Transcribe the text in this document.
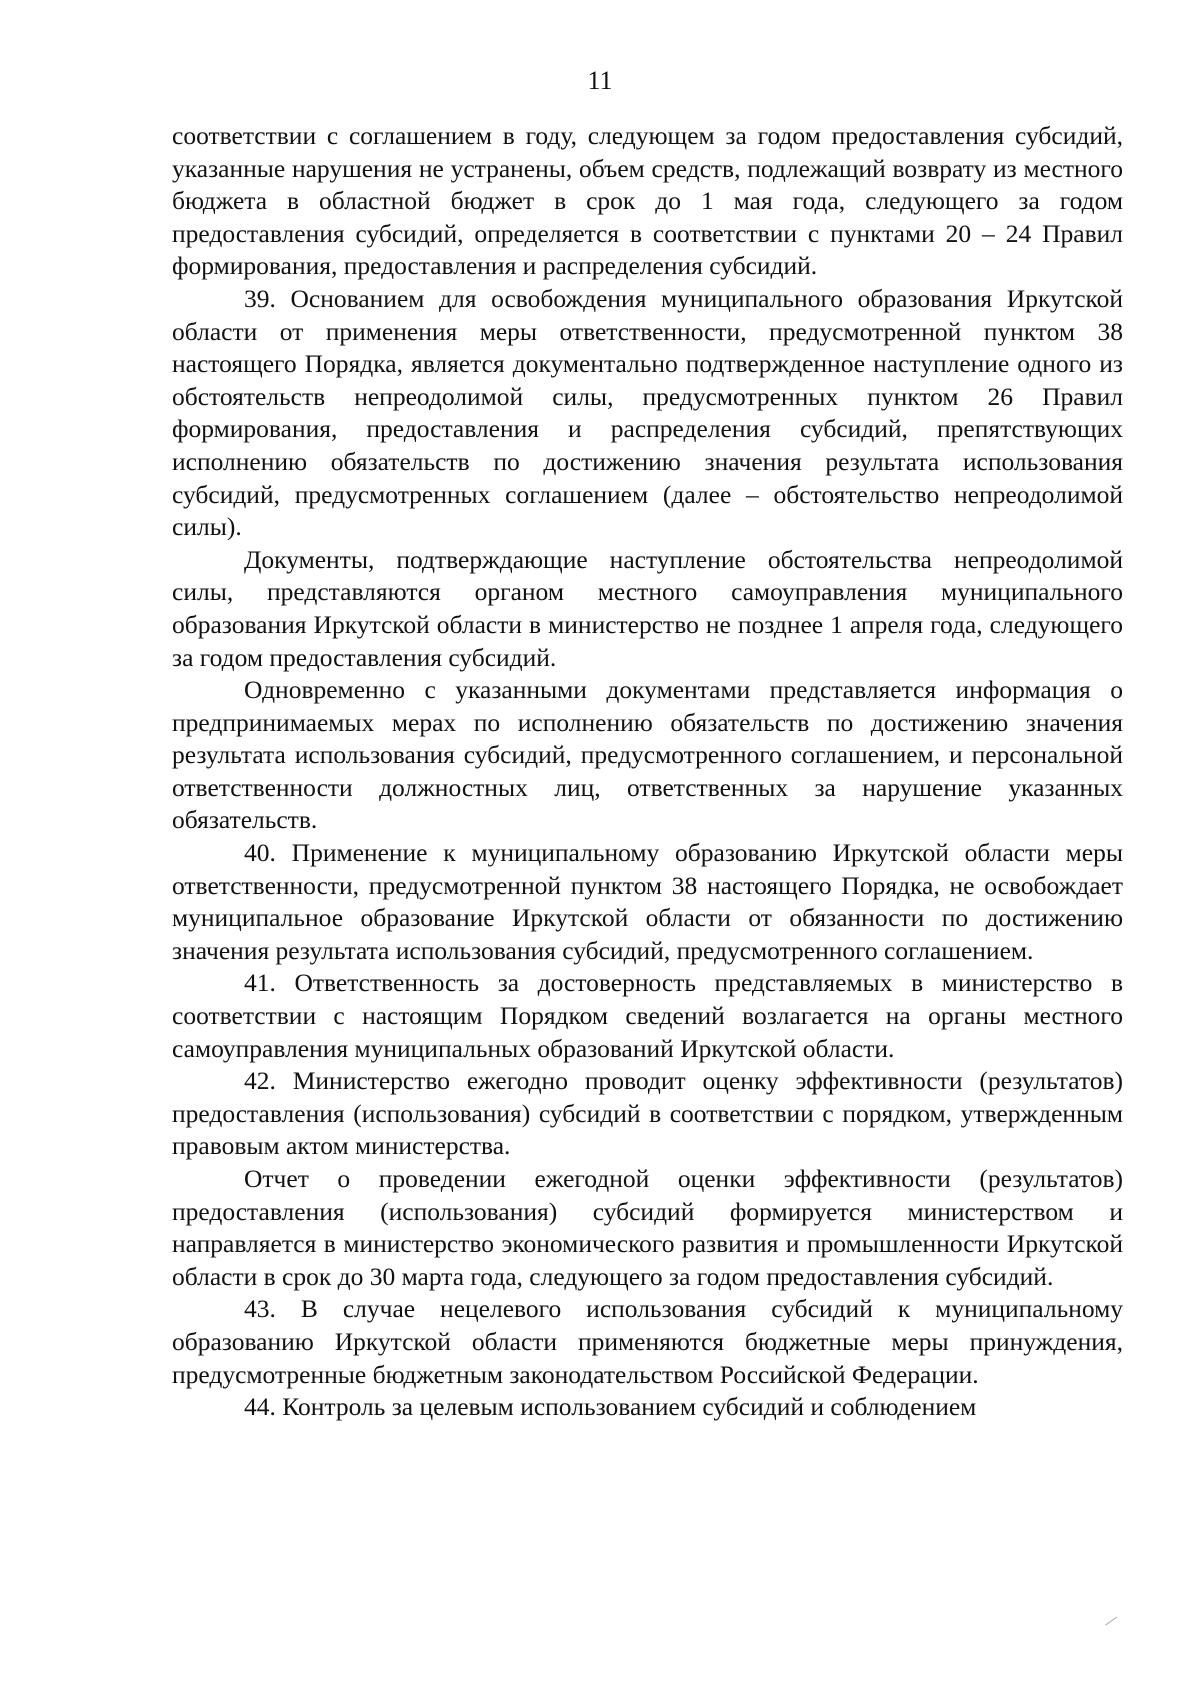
11

соответствии с соглашением в году, следующем за годом предоставления субсидий, указанные нарушения не устранены, объем средств, подлежащий возврату из местного бюджета в областной бюджет в срок до 1 мая года, следующего за годом предоставления субсидий, определяется в соответствии с пунктами 20 – 24 Правил формирования, предоставления и распределения субсидий.

39. Основанием для освобождения муниципального образования Иркутской области от применения меры ответственности, предусмотренной пунктом 38 настоящего Порядка, является документально подтвержденное наступление одного из обстоятельств непреодолимой силы, предусмотренных пунктом 26 Правил формирования, предоставления и распределения субсидий, препятствующих исполнению обязательств по достижению значения результата использования субсидий, предусмотренных соглашением (далее – обстоятельство непреодолимой силы).

Документы, подтверждающие наступление обстоятельства непреодолимой силы, представляются органом местного самоуправления муниципального образования Иркутской области в министерство не позднее 1 апреля года, следующего за годом предоставления субсидий.

Одновременно с указанными документами представляется информация о предпринимаемых мерах по исполнению обязательств по достижению значения результата использования субсидий, предусмотренного соглашением, и персональной ответственности должностных лиц, ответственных за нарушение указанных обязательств.

40. Применение к муниципальному образованию Иркутской области меры ответственности, предусмотренной пунктом 38 настоящего Порядка, не освобождает муниципальное образование Иркутской области от обязанности по достижению значения результата использования субсидий, предусмотренного соглашением.

41. Ответственность за достоверность представляемых в министерство в соответствии с настоящим Порядком сведений возлагается на органы местного самоуправления муниципальных образований Иркутской области.

42. Министерство ежегодно проводит оценку эффективности (результатов) предоставления (использования) субсидий в соответствии с порядком, утвержденным правовым актом министерства.

Отчет о проведении ежегодной оценки эффективности (результатов) предоставления (использования) субсидий формируется министерством и направляется в министерство экономического развития и промышленности Иркутской области в срок до 30 марта года, следующего за годом предоставления субсидий.

43. В случае нецелевого использования субсидий к муниципальному образованию Иркутской области применяются бюджетные меры принуждения, предусмотренные бюджетным законодательством Российской Федерации.

44. Контроль за целевым использованием субсидий и соблюдением
